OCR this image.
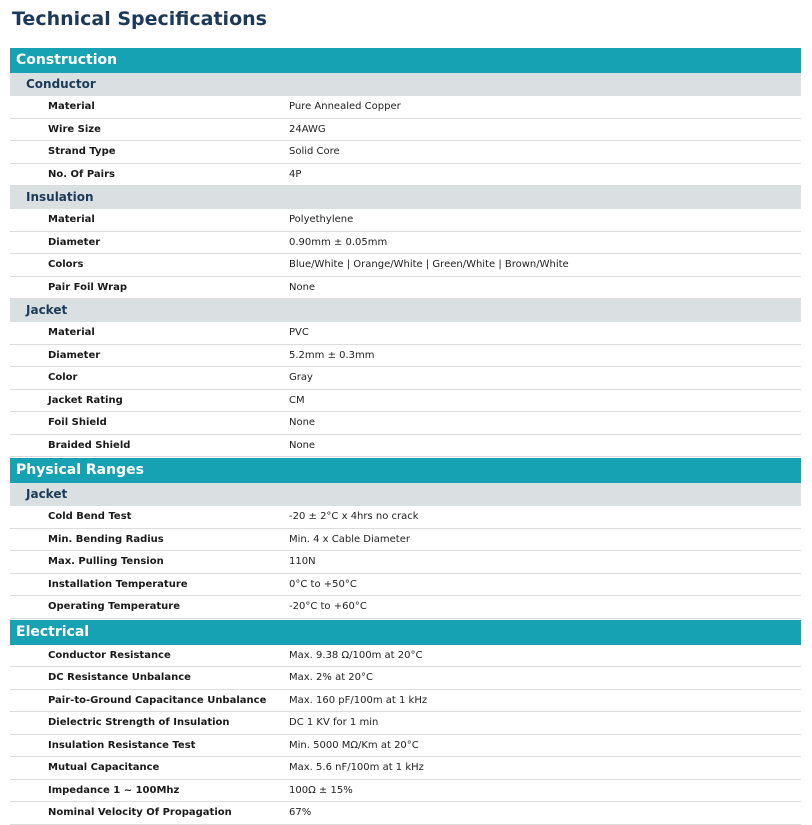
Technical Specifications
Construction
Conductor
Material	Pure Annealed Copper
Wire Size	24AWG
Strand Type	Solid Core
No. Of Pairs	4P
Insulation
Material	Polyethylene
Diameter	0.90mm ± 0.05mm
Colors	Blue/White | Orange/White | Green/White | Brown/White
Pair Foil Wrap	None
Jacket
Material	PVC
Diameter	5.2mm ± 0.3mm
Color	Gray
Jacket Rating	CM
Foil Shield	None
Braided Shield	None
Physical Ranges
Jacket
Cold Bend Test	-20 ± 2°C x 4hrs no crack
Min. Bending Radius	Min. 4 x Cable Diameter
Max. Pulling Tension	110N
Installation Temperature	0°C to +50°C
Operating Temperature	-20°C to +60°C
Electrical
Conductor Resistance	Max. 9.38 Ω/100m at 20°C
DC Resistance Unbalance	Max. 2% at 20°C
Pair-to-Ground Capacitance Unbalance	Max. 160 pF/100m at 1 kHz
Dielectric Strength of Insulation	DC 1 KV for 1 min
Insulation Resistance Test	Min. 5000 MΩ/Km at 20°C
Mutual Capacitance	Max. 5.6 nF/100m at 1 kHz
Impedance 1 ~ 100Mhz	100Ω ± 15%
Nominal Velocity Of Propagation	67%
